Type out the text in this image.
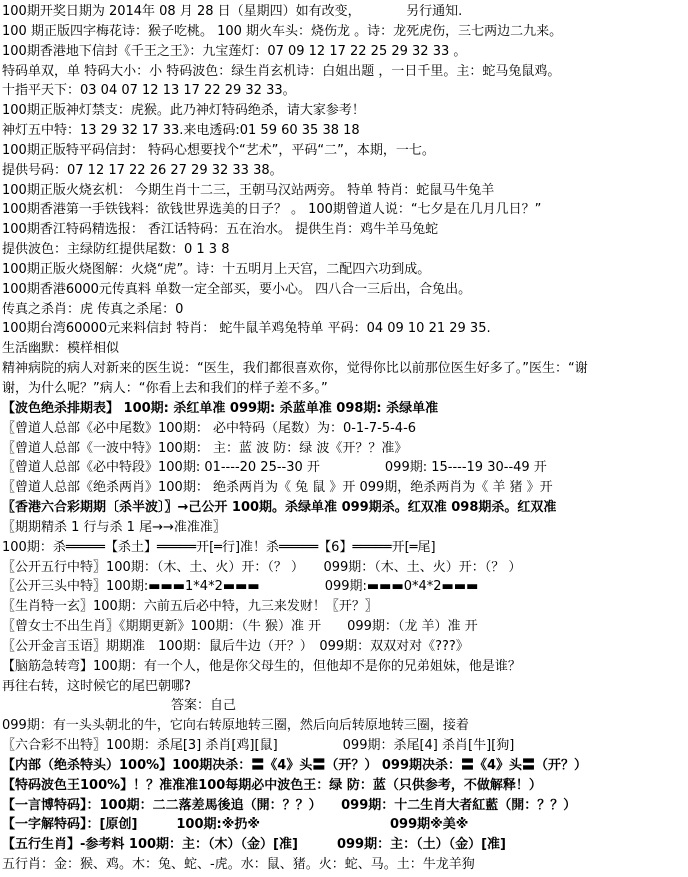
100期开奖日期为 2014年 08 月 28 日（星期四）如有改变，　　　　另行通知.
100 期正版四字梅花诗：猴子吃桃。 100 期火车头：烧伤龙 。诗：龙死虎伤，三七两边二九来。
100期香港地下信封《千王之王》：九宝莲灯：07 09 12 17 22 25 29 32 33 。
特码单双，单 特码大小：小 特码波色：绿生肖玄机诗：白姐出题 ，一日千里。主：蛇马兔鼠鸡。
十指平天下：03 04 07 12 13 17 22 29 32 33。
100期正版神灯禁支：虎猴。此乃神灯特码绝杀，请大家参考！
神灯五中特：13 29 32 17 33.来电透码:01 59 60 35 38 18
100期正版特平码信封： 特码心想要找个“艺术”，平码“二”，本期，一七。
提供号码：07 12 17 22 26 27 29 32 33 38。
100期正版火烧玄机： 今期生肖十二三，王朝马汉站两旁。 特单 特肖：蛇鼠马牛兔羊
100期香港第一手铁钱料：欲钱世界选美的日子？ 。 100期曾道人说：“七夕是在几月几日？”
100期香江特码精选报： 香江话特码：五在治水。 提供生肖：鸡牛羊马兔蛇
提供波色：主绿防红提供尾数：0 1 3 8
100期正版火烧图解：火烧“虎”。诗：十五明月上天宫，二配四六功到成。
100期香港6000元传真料 单数一定全部买，要小心。 四八合一三后出，合兔出。
传真之杀肖：虎 传真之杀尾：0
100期台湾60000元来料信封 特肖： 蛇牛鼠羊鸡兔特单 平码：04 09 10 21 29 35.
生活幽默：模样相似
精神病院的病人对新来的医生说：“医生，我们都很喜欢你，觉得你比以前那位医生好多了。”医生：“谢
谢，为什么呢？”病人：“你看上去和我们的样子差不多。”
【波色绝杀排期表】 100期: 杀红单准 099期: 杀蓝单准 098期: 杀绿单准
〖曾道人总部《必中尾数》100期： 必中特码（尾数）为：0-1-7-5-4-6
〖曾道人总部《一波中特》100期： 主：蓝 波 防：绿 波《开？？准》
〖曾道人总部《必中特段》100期: 01----20 25--30 开　　　　　099期: 15----19 30--49 开
〖曾道人总部《绝杀两肖》100期： 绝杀两肖为《 兔 鼠 》开 099期，绝杀两肖为《 羊 猪 》开
〖香港六合彩期期〔杀半波〕〗→己公开 100期。杀绿单准 099期杀。红双准 098期杀。红双准
〖期期精杀 1 行与杀 1 尾→→准准准〗
100期：杀═════【杀土】═════开[═行]准！杀═════【6】═════开[═尾]
〖公开五行中特〗100期：（木、土、火）开：（？ ）　　099期：（木、土、火）开：（？ ）
〖公开三头中特〗100期:▬▬▬1*4*2▬▬▬　　　　　099期:▬▬▬0*4*2▬▬▬
〖生肖特一玄〗100期：六前五后必中特，九三来发财！〖开？〗
〖曾女士不出生肖〗《期期更新》100期：（牛 猴）准 开　　099期：（龙 羊）准 开
〖公开金言玉语〗期期准　100期：鼠后牛边（开？）　099期：双双对对《???》
【脑筋急转弯】100期：有一个人，他是你父母生的，但他却不是你的兄弟姐妹，他是谁？
再往右转，这时候它的尾巴朝哪?
　　　　　　　　　　　　　答案：自己
099期：有一头头朝北的牛，它向右转原地转三圈，然后向后转原地转三圈，接着
〖六合彩不出特〗100期：杀尾[3] 杀肖[鸡][鼠]　　　　　099期：杀尾[4] 杀肖[牛][狗]
【内部（绝杀特头）100%】100期决杀：〓《4》头〓（开？） 099期决杀：〓《4》头〓（开？）
【特码波色王100%】！？准准准100每期必中波色王：绿 防：蓝（只供参考，不做解释！）
【一言博特码】：100期：二二落差馬後追（開：？？）　　099期：十二生肖大者紅藍（開：？？）
【一字解特码】：[原创]　　　100期:※扔※　　　　　　　　　　099期※美※
【五行生肖】-参考料 100期：主：（木）（金）[准]　　　099期：主：（土）（金）[准]
五行肖：金：猴、鸡。木：兔、蛇、-虎。水：鼠、猪。火：蛇、马。土：牛龙羊狗
